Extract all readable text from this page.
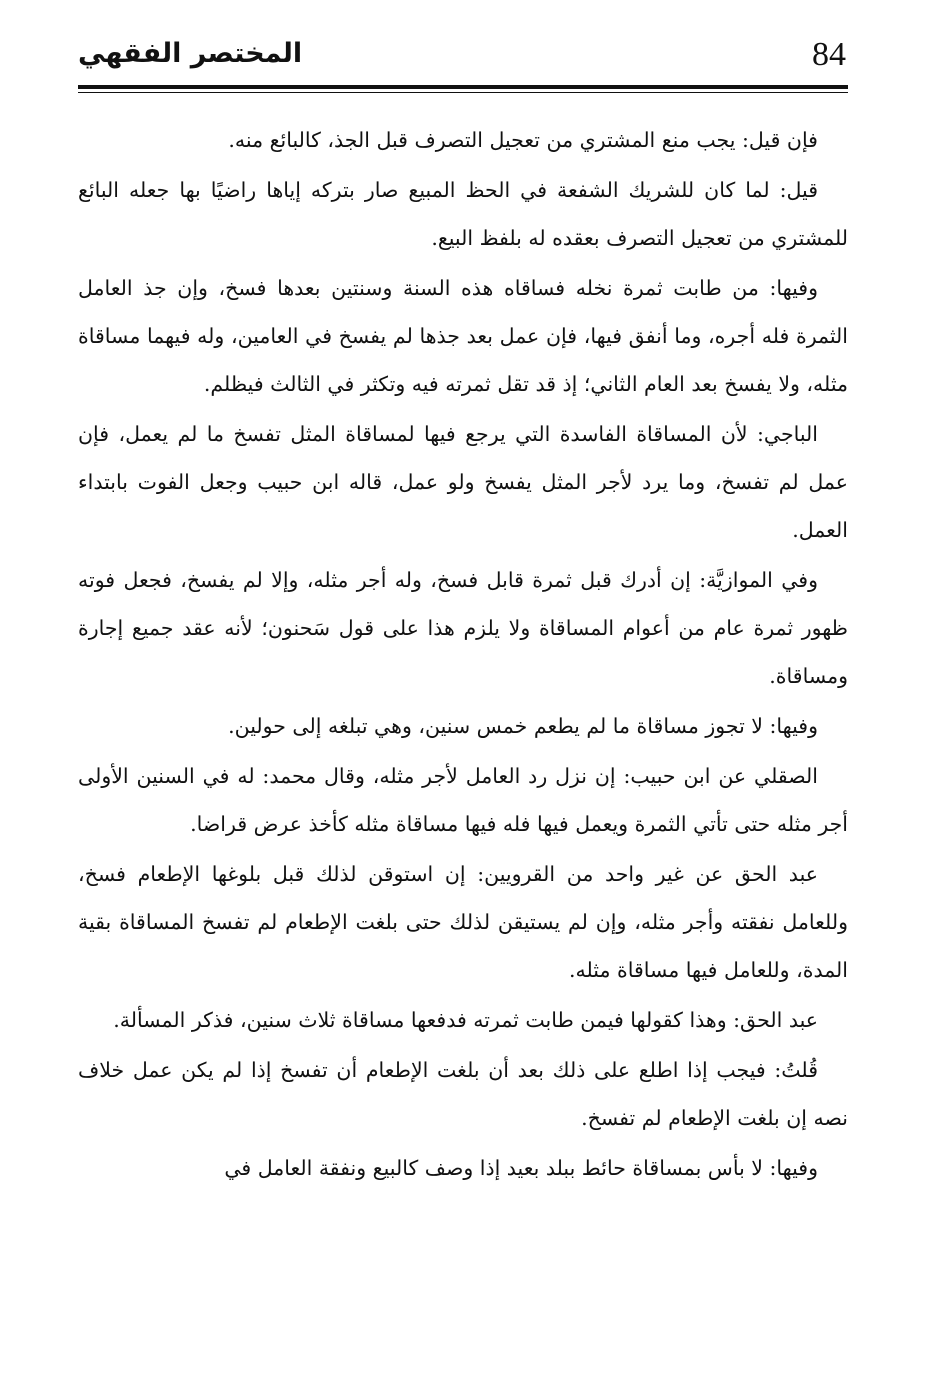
المختصر الفقهي	84

فإن قيل: يجب منع المشتري من تعجيل التصرف قبل الجذ، كالبائع منه.

قيل: لما كان للشريك الشفعة في الحظ المبيع صار بتركه إياها راضيًا بها جعله البائع للمشتري من تعجيل التصرف بعقده له بلفظ البيع.

وفيها: من طابت ثمرة نخله فساقاه هذه السنة وسنتين بعدها فسخ، وإن جذ العامل الثمرة فله أجره، وما أنفق فيها، فإن عمل بعد جذها لم يفسخ في العامين، وله فيهما مساقاة مثله، ولا يفسخ بعد العام الثاني؛ إذ قد تقل ثمرته فيه وتكثر في الثالث فيظلم.

الباجي: لأن المساقاة الفاسدة التي يرجع فيها لمساقاة المثل تفسخ ما لم يعمل، فإن عمل لم تفسخ، وما يرد لأجر المثل يفسخ ولو عمل، قاله ابن حبيب وجعل الفوت بابتداء العمل.

وفي الموازيَّة: إن أدرك قبل ثمرة قابل فسخ، وله أجر مثله، وإلا لم يفسخ، فجعل فوته ظهور ثمرة عام من أعوام المساقاة ولا يلزم هذا على قول سَحنون؛ لأنه عقد جميع إجارة ومساقاة.

وفيها: لا تجوز مساقاة ما لم يطعم خمس سنين، وهي تبلغه إلى حولين.

الصقلي عن ابن حبيب: إن نزل رد العامل لأجر مثله، وقال محمد: له في السنين الأولى أجر مثله حتى تأتي الثمرة ويعمل فيها فله فيها مساقاة مثله كأخذ عرض قراضا.

عبد الحق عن غير واحد من القرويين: إن استوقن لذلك قبل بلوغها الإطعام فسخ، وللعامل نفقته وأجر مثله، وإن لم يستيقن لذلك حتى بلغت الإطعام لم تفسخ المساقاة بقية المدة، وللعامل فيها مساقاة مثله.

عبد الحق: وهذا كقولها فيمن طابت ثمرته فدفعها مساقاة ثلاث سنين، فذكر المسألة.

قُلتُ: فيجب إذا اطلع على ذلك بعد أن بلغت الإطعام أن تفسخ إذا لم يكن عمل خلاف نصه إن بلغت الإطعام لم تفسخ.

وفيها: لا بأس بمساقاة حائط ببلد بعيد إذا وصف كالبيع ونفقة العامل في
